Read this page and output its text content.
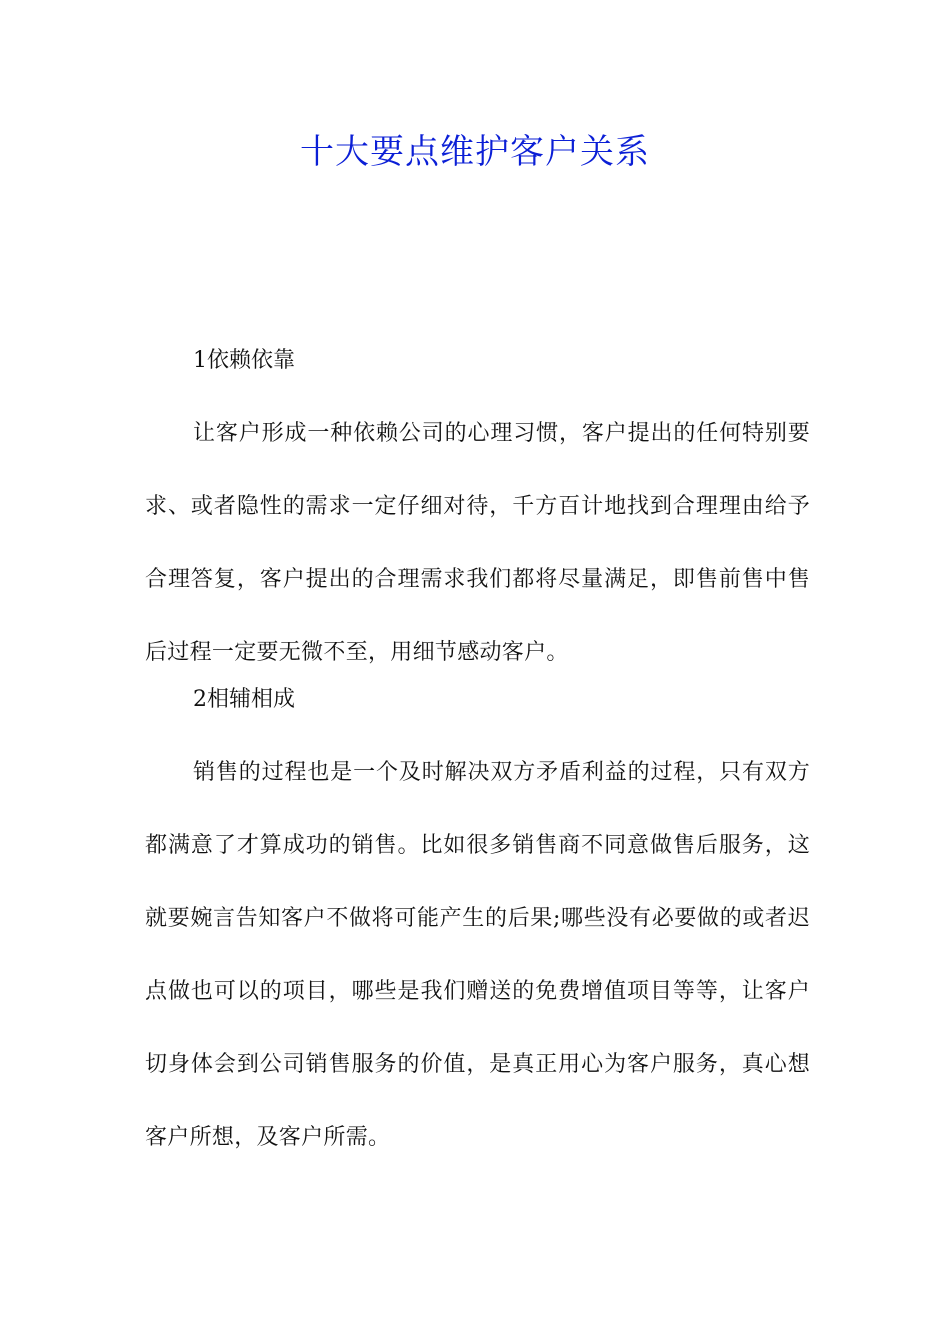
十大要点维护客户关系

1依赖依靠

让客户形成一种依赖公司的心理习惯，客户提出的任何特别要求、或者隐性的需求一定仔细对待，千方百计地找到合理理由给予合理答复，客户提出的合理需求我们都将尽量满足，即售前售中售后过程一定要无微不至，用细节感动客户。

2相辅相成

销售的过程也是一个及时解决双方矛盾利益的过程，只有双方都满意了才算成功的销售。比如很多销售商不同意做售后服务，这就要婉言告知客户不做将可能产生的后果;哪些没有必要做的或者迟点做也可以的项目，哪些是我们赠送的免费增值项目等等，让客户切身体会到公司销售服务的价值，是真正用心为客户服务，真心想客户所想，及客户所需。
